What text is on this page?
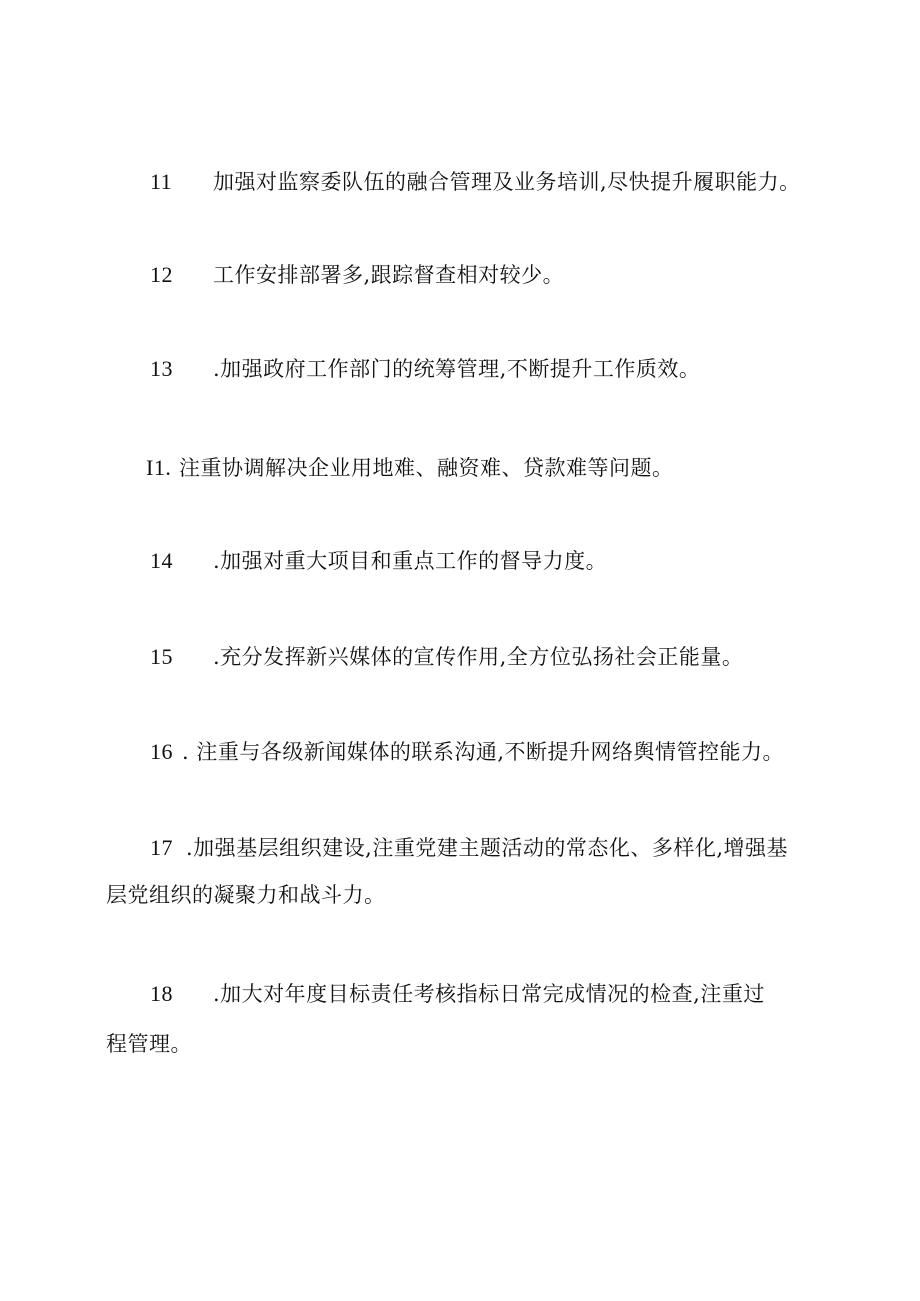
11 加强对监察委队伍的融合管理及业务培训,尽快提升履职能力。
12 工作安排部署多,跟踪督查相对较少。
13 .加强政府工作部门的统筹管理,不断提升工作质效。
I1. 注重协调解决企业用地难、融资难、贷款难等问题。
14 .加强对重大项目和重点工作的督导力度。
15 .充分发挥新兴媒体的宣传作用,全方位弘扬社会正能量。
16 . 注重与各级新闻媒体的联系沟通,不断提升网络舆情管控能力。
17 .加强基层组织建设,注重党建主题活动的常态化、多样化,增强基
层党组织的凝聚力和战斗力。
18 .加大对年度目标责任考核指标日常完成情况的检查,注重过
程管理。
